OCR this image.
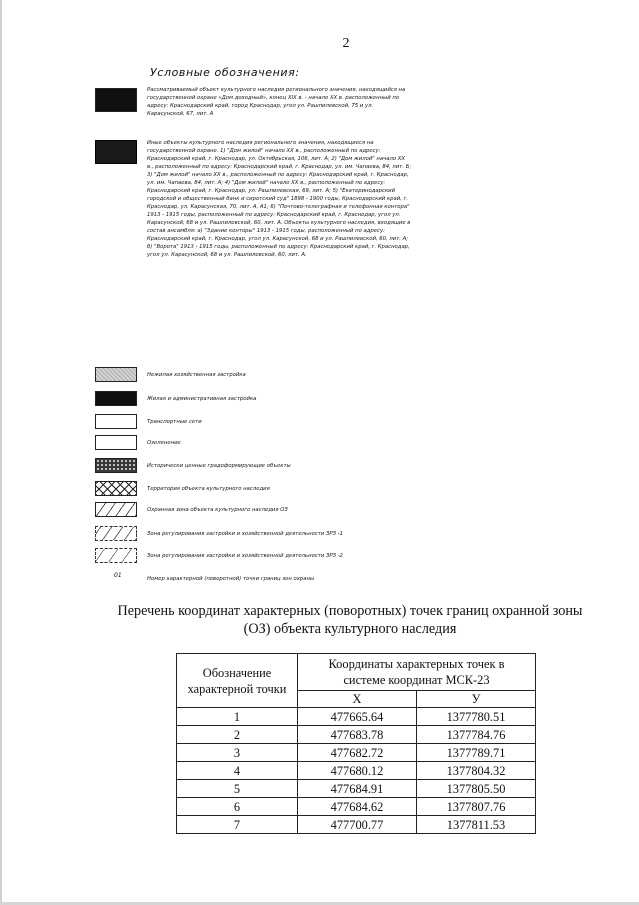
2
Условные обозначения:
Рассматриваемый объект культурного наследия регионального значения, находящийся на государственной охране «Дом доходный», конец XIX в. - начало XX в. расположенный по адресу: Краснодарский край, город Краснодар, угол ул. Рашпилевской, 75 и ул. Карасунской, 67, лит. А
Иные объекты культурного наследия регионального значения, находящиеся на государственной охране. 1) "Дом жилой" начало XX в., расположенный по адресу: Краснодарский край, г. Краснодар, ул. Октябрьская, 106, лит. А; 2) "Дом жилой" начало XX в., расположенный по адресу: Краснодарский край, г. Краснодар, ул. им. Чапаева, 84, лит. Б; 3) "Дом жилой" начало XX в., расположенный по адресу: Краснодарский край, г. Краснодар, ул. им. Чапаева, 84, лит. А; 4) "Дом жилой" начало XX в., расположенный по адресу: Краснодарский край, г. Краснодар, ул. Рашпилевская, 69, лит. А; 5) "Екатеринодарский городской и общественный банк и сиротский суд" 1898 - 1900 годы, Краснодарский край, г. Краснодар, ул. Карасунская, 70, лит. А, А1; 6) "Почтово-телеграфная и телефонная контора" 1913 - 1915 годы, расположенный по адресу: Краснодарский край, г. Краснодар, угол ул. Карасунской, 68 и ул. Рашпилевской, 60, лит. А. Объекты культурного наследия, входящие в состав ансамбля: а) "Здание конторы" 1913 - 1915 годы, расположенный по адресу: Краснодарский край, г. Краснодар, угол ул. Карасунской, 68 и ул. Рашпилевской, 60, лит. А; б) "Ворота" 1913 - 1915 годы, расположенный по адресу: Краснодарский край, г. Краснодар, угол ул. Карасунской, 68 и ул. Рашпилевской, 60, лит. А.
Нежилая хозяйственная застройка
Жилая и административная застройка
Транспортные сети
Озеленение
Исторически ценные градоформирующие объекты
Территория объекта культурного наследия
Охранная зона объекта культурного наследия ОЗ
Зона регулирования застройки и хозяйственной деятельности ЗРЗ -1
Зона регулирования застройки и хозяйственной деятельности ЗРЗ -2
01	Номер характерной (поворотной) точки границ зон охраны
Перечень координат характерных (поворотных) точек границ охранной зоны
(ОЗ) объекта культурного наследия
Обозначение характерной точки	Координаты характерных точек в системе координат МСК-23	
	X	У
1	477665.64	1377780.51
2	477683.78	1377784.76
3	477682.72	1377789.71
4	477680.12	1377804.32
5	477684.91	1377805.50
6	477684.62	1377807.76
7	477700.77	1377811.53
